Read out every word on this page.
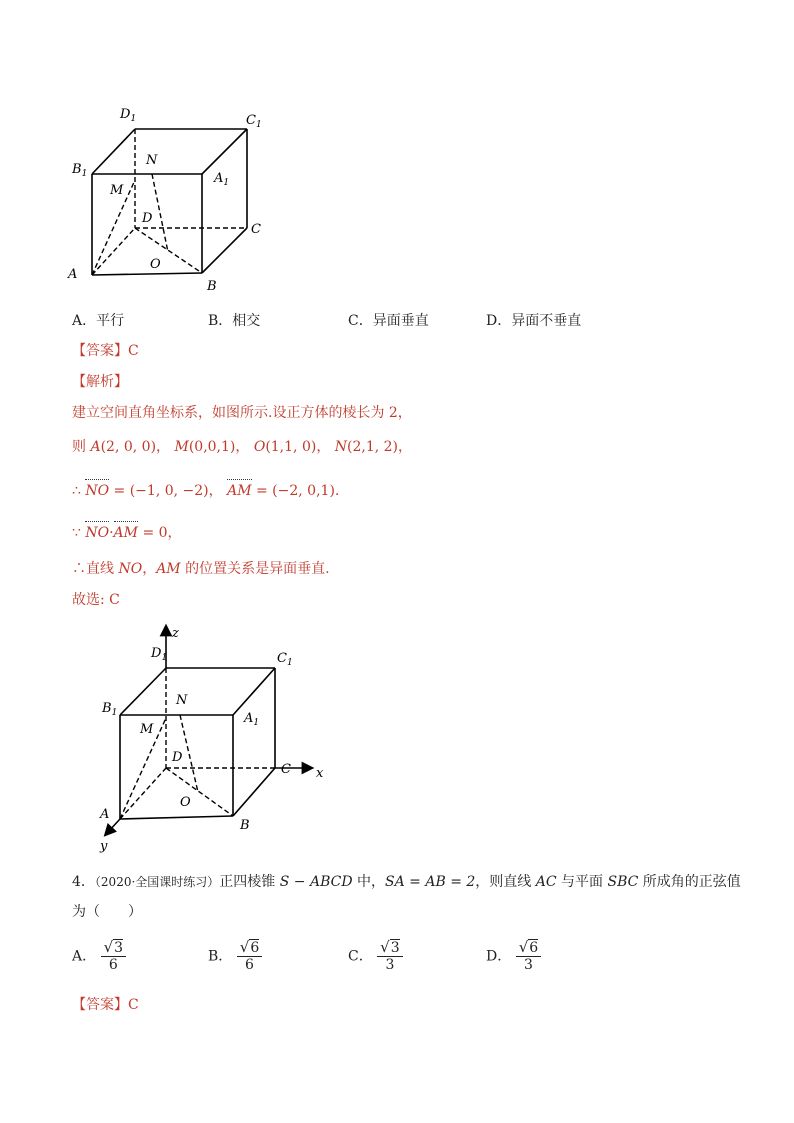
$D_1$	$C_1$
$B_1$	$A_1$
N
M
D
C
A
O
B
A．平行	B．相交	C．异面垂直	D．异面不垂直
【答案】C
【解析】
建立空间直角坐标系，如图所示.设正方体的棱长为 2，
则 A(2, 0, 0)， M(0,0,1)， O(1,1, 0)， N(2,1, 2)，
∴ NO = (−1, 0, −2)， AM = (−2, 0,1).
∵ NO·AM = 0，
∴直线 NO，AM 的位置关系是异面垂直.
故选: C
z
$D_1$	$C_1$
$B_1$	$A_1$
N
M
D
C x
A
O
B
y
4．（2020·全国课时练习）正四棱锥 S − ABCD 中，SA = AB = 2，则直线 AC 与平面 SBC 所成角的正弦值
为（　　）
A． $\frac{√3}{6}$	B． $\frac{√6}{6}$	C． $\frac{√3}{3}$	D． $\frac{√6}{3}$
【答案】C
